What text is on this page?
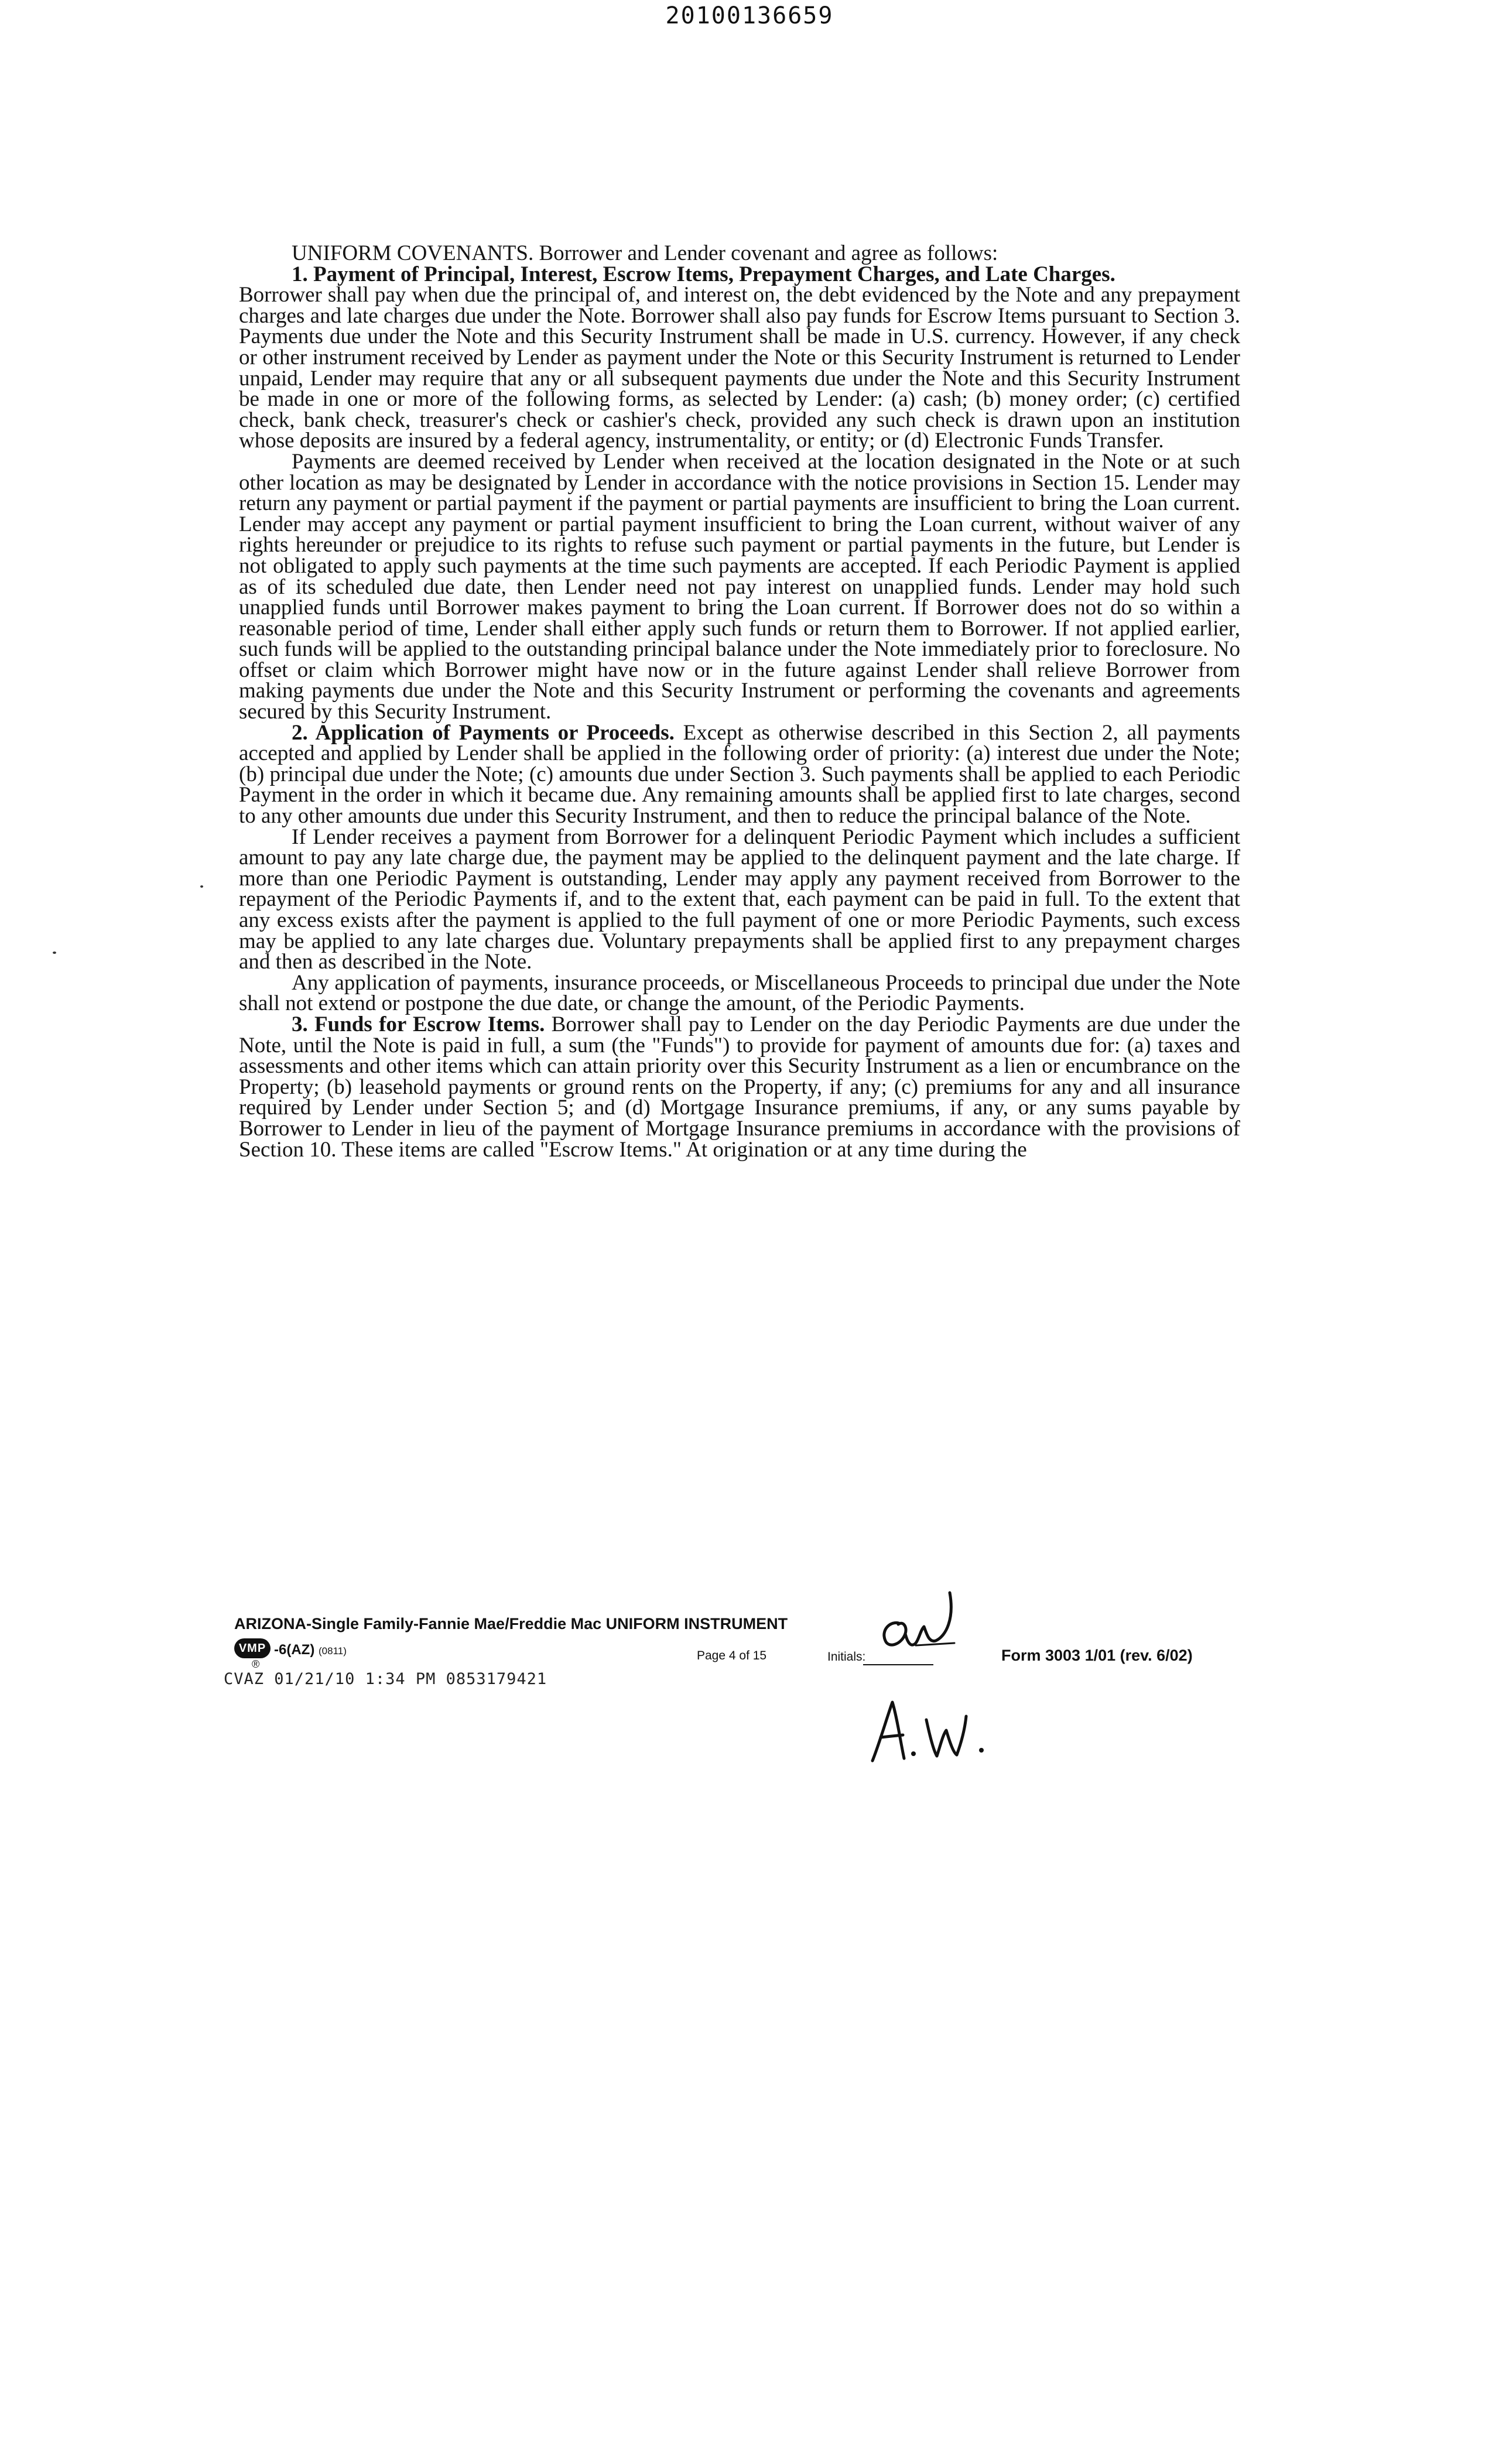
20100136659

UNIFORM COVENANTS. Borrower and Lender covenant and agree as follows:

1. Payment of Principal, Interest, Escrow Items, Prepayment Charges, and Late Charges.

Borrower shall pay when due the principal of, and interest on, the debt evidenced by the Note and any prepayment charges and late charges due under the Note. Borrower shall also pay funds for Escrow Items pursuant to Section 3. Payments due under the Note and this Security Instrument shall be made in U.S. currency. However, if any check or other instrument received by Lender as payment under the Note or this Security Instrument is returned to Lender unpaid, Lender may require that any or all subsequent payments due under the Note and this Security Instrument be made in one or more of the following forms, as selected by Lender: (a) cash; (b) money order; (c) certified check, bank check, treasurer's check or cashier's check, provided any such check is drawn upon an institution whose deposits are insured by a federal agency, instrumentality, or entity; or (d) Electronic Funds Transfer.

Payments are deemed received by Lender when received at the location designated in the Note or at such other location as may be designated by Lender in accordance with the notice provisions in Section 15. Lender may return any payment or partial payment if the payment or partial payments are insufficient to bring the Loan current. Lender may accept any payment or partial payment insufficient to bring the Loan current, without waiver of any rights hereunder or prejudice to its rights to refuse such payment or partial payments in the future, but Lender is not obligated to apply such payments at the time such payments are accepted. If each Periodic Payment is applied as of its scheduled due date, then Lender need not pay interest on unapplied funds. Lender may hold such unapplied funds until Borrower makes payment to bring the Loan current. If Borrower does not do so within a reasonable period of time, Lender shall either apply such funds or return them to Borrower. If not applied earlier, such funds will be applied to the outstanding principal balance under the Note immediately prior to foreclosure. No offset or claim which Borrower might have now or in the future against Lender shall relieve Borrower from making payments due under the Note and this Security Instrument or performing the covenants and agreements secured by this Security Instrument.

2. Application of Payments or Proceeds. Except as otherwise described in this Section 2, all payments accepted and applied by Lender shall be applied in the following order of priority: (a) interest due under the Note; (b) principal due under the Note; (c) amounts due under Section 3. Such payments shall be applied to each Periodic Payment in the order in which it became due. Any remaining amounts shall be applied first to late charges, second to any other amounts due under this Security Instrument, and then to reduce the principal balance of the Note.

If Lender receives a payment from Borrower for a delinquent Periodic Payment which includes a sufficient amount to pay any late charge due, the payment may be applied to the delinquent payment and the late charge. If more than one Periodic Payment is outstanding, Lender may apply any payment received from Borrower to the repayment of the Periodic Payments if, and to the extent that, each payment can be paid in full. To the extent that any excess exists after the payment is applied to the full payment of one or more Periodic Payments, such excess may be applied to any late charges due. Voluntary prepayments shall be applied first to any prepayment charges and then as described in the Note.

Any application of payments, insurance proceeds, or Miscellaneous Proceeds to principal due under the Note shall not extend or postpone the due date, or change the amount, of the Periodic Payments.

3. Funds for Escrow Items. Borrower shall pay to Lender on the day Periodic Payments are due under the Note, until the Note is paid in full, a sum (the "Funds") to provide for payment of amounts due for: (a) taxes and assessments and other items which can attain priority over this Security Instrument as a lien or encumbrance on the Property; (b) leasehold payments or ground rents on the Property, if any; (c) premiums for any and all insurance required by Lender under Section 5; and (d) Mortgage Insurance premiums, if any, or any sums payable by Borrower to Lender in lieu of the payment of Mortgage Insurance premiums in accordance with the provisions of Section 10. These items are called "Escrow Items." At origination or at any time during the

ARIZONA-Single Family-Fannie Mae/Freddie Mac UNIFORM INSTRUMENT
VMP
®
-6(AZ) (0811)	Page 4 of 15	Initials:	Form 3003 1/01 (rev. 6/02)
CVAZ 01/21/10 1:34 PM 0853179421
